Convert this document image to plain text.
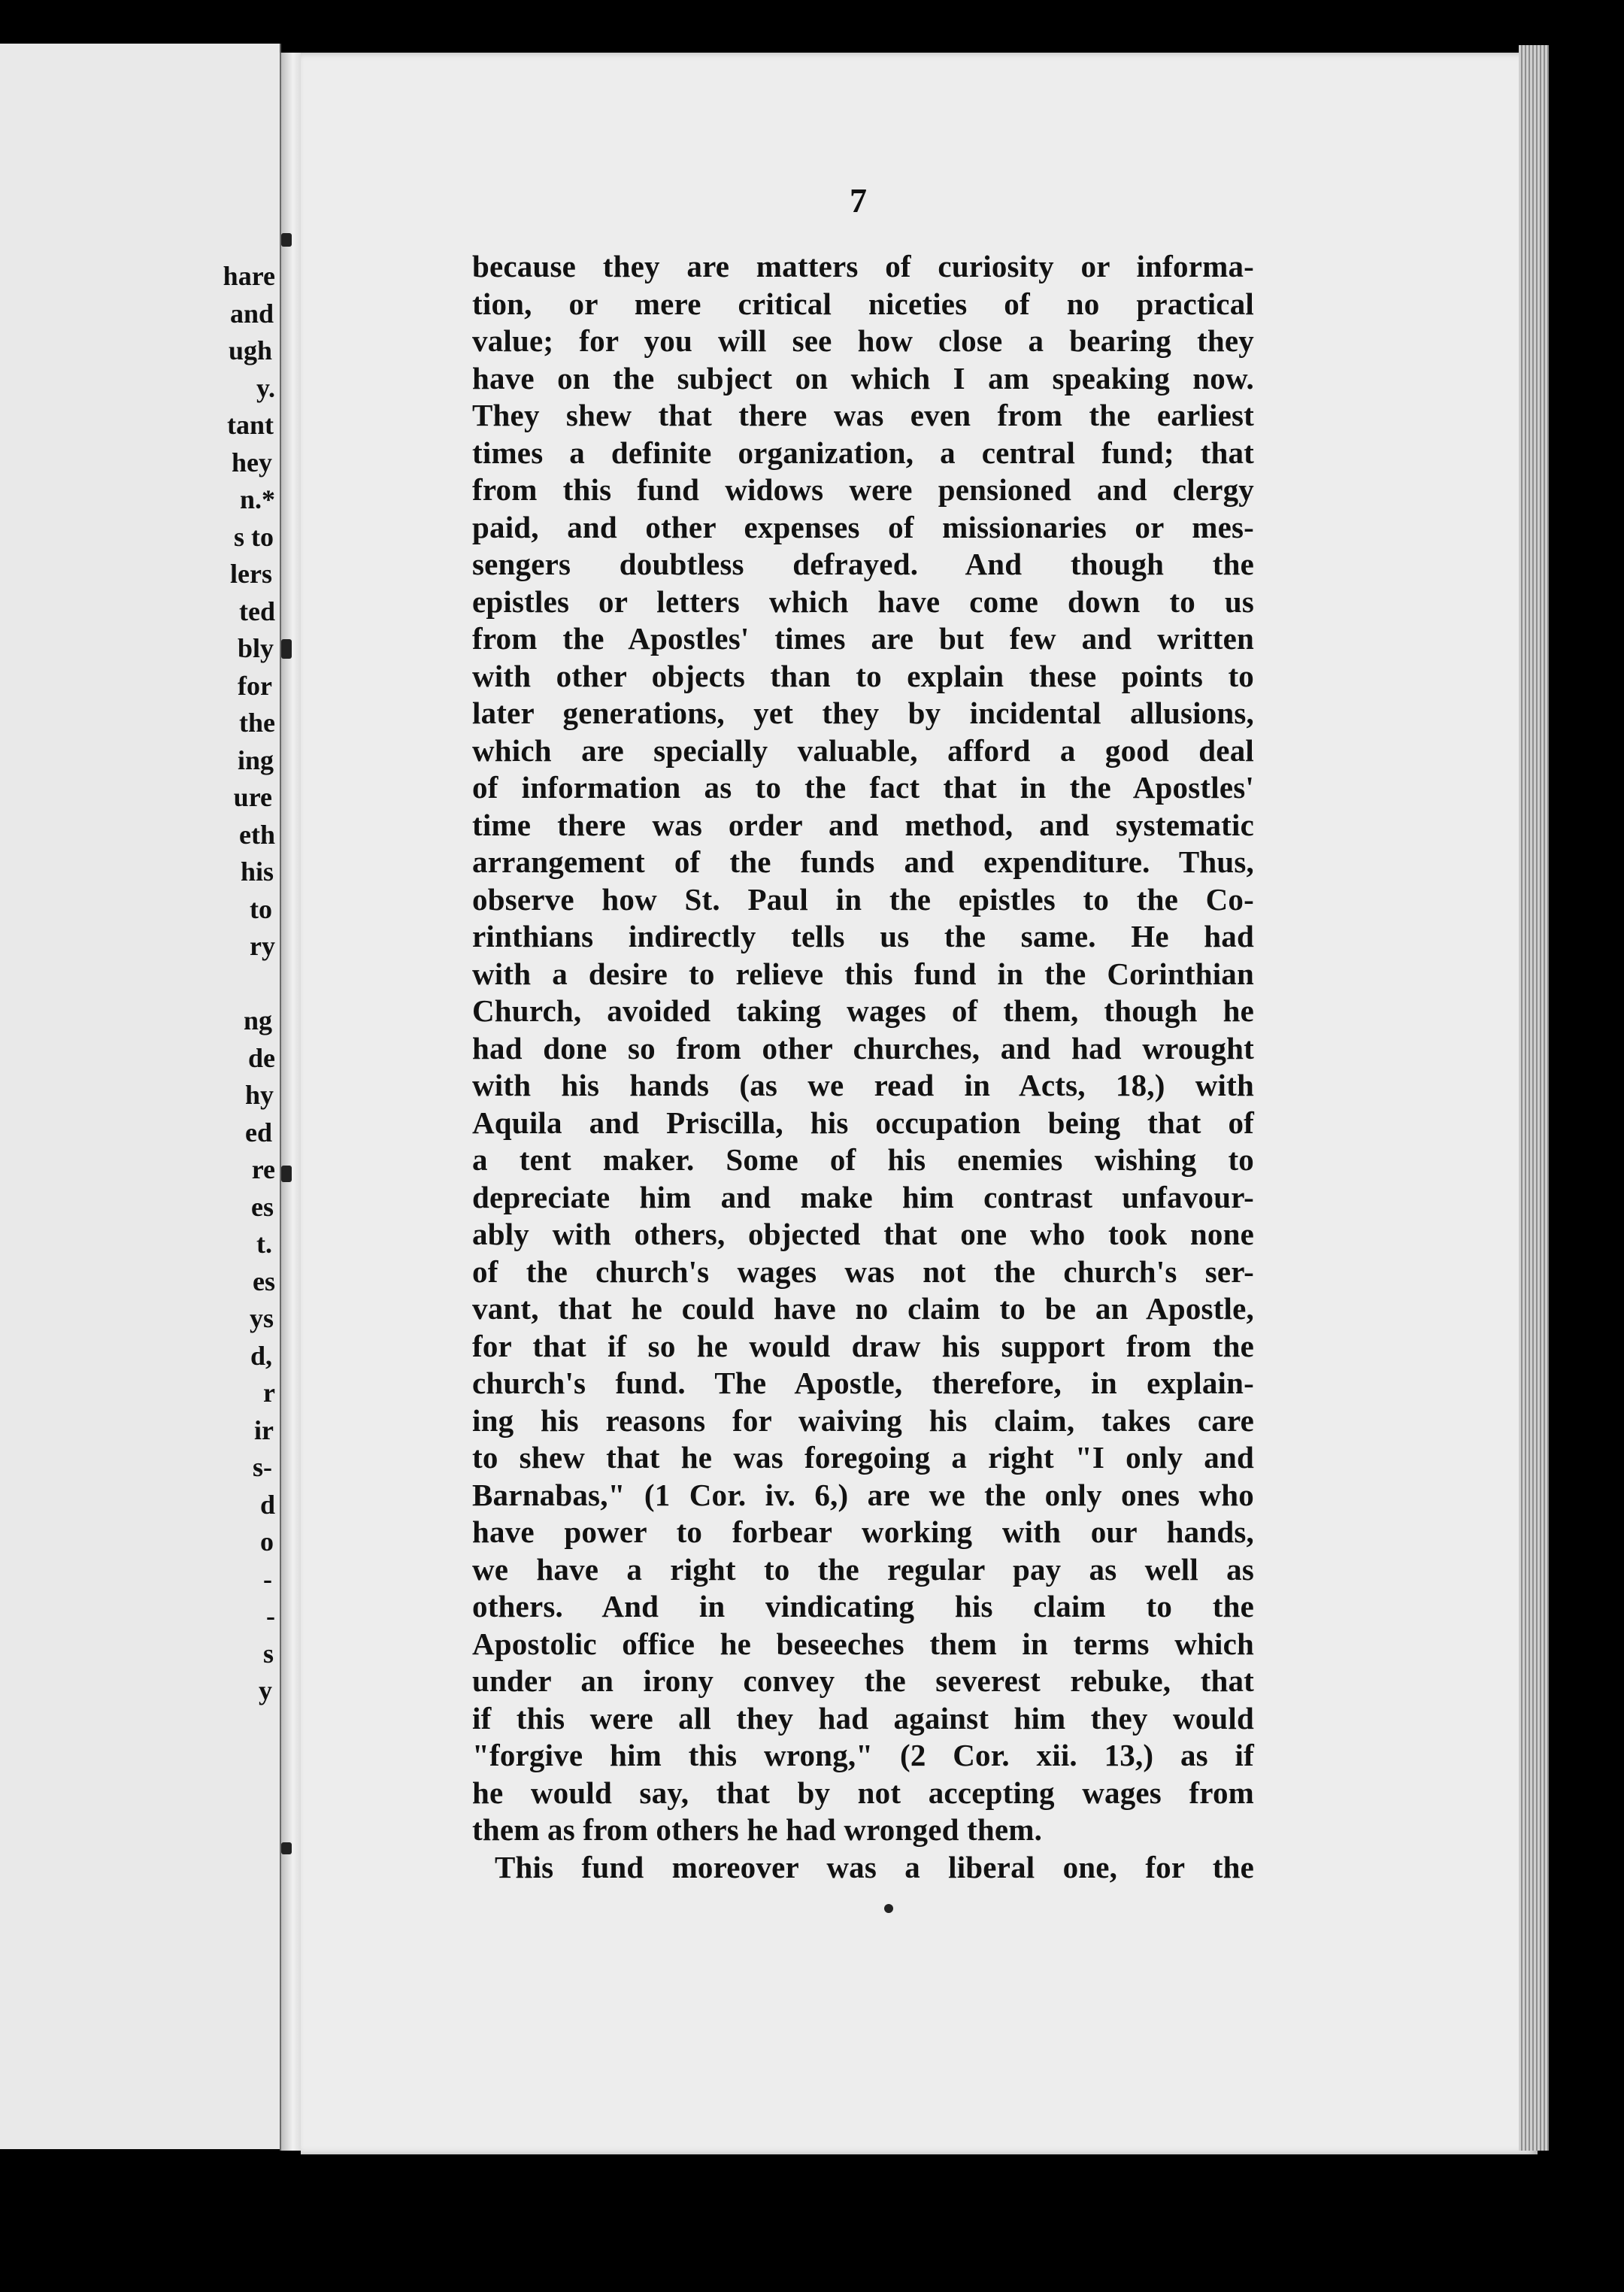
hare
and
ugh
y.
tant
hey
n.*
s to
lers
ted
bly
for
the
ing
ure
eth
his
to
ry
ng
de
hy
ed
re
es
t.
es
ys
d,
r
ir
s-
d
o
-
-
s
y
7
because they are matters of curiosity or informa-
tion, or mere critical niceties of no practical
value; for you will see how close a bearing they
have on the subject on which I am speaking now.
They shew that there was even from the earliest
times a definite organization, a central fund; that
from this fund widows were pensioned and clergy
paid, and other expenses of missionaries or mes-
sengers doubtless defrayed. And though the
epistles or letters which have come down to us
from the Apostles' times are but few and written
with other objects than to explain these points to
later generations, yet they by incidental allusions,
which are specially valuable, afford a good deal
of information as to the fact that in the Apostles'
time there was order and method, and systematic
arrangement of the funds and expenditure. Thus,
observe how St. Paul in the epistles to the Co-
rinthians indirectly tells us the same. He had
with a desire to relieve this fund in the Corinthian
Church, avoided taking wages of them, though he
had done so from other churches, and had wrought
with his hands (as we read in Acts, 18,) with
Aquila and Priscilla, his occupation being that of
a tent maker. Some of his enemies wishing to
depreciate him and make him contrast unfavour-
ably with others, objected that one who took none
of the church's wages was not the church's ser-
vant, that he could have no claim to be an Apostle,
for that if so he would draw his support from the
church's fund. The Apostle, therefore, in explain-
ing his reasons for waiving his claim, takes care
to shew that he was foregoing a right "I only and
Barnabas," (1 Cor. iv. 6,) are we the only ones who
have power to forbear working with our hands,
we have a right to the regular pay as well as
others. And in vindicating his claim to the
Apostolic office he beseeches them in terms which
under an irony convey the severest rebuke, that
if this were all they had against him they would
"forgive him this wrong," (2 Cor. xii. 13,) as if
he would say, that by not accepting wages from
them as from others he had wronged them.
This fund moreover was a liberal one, for the
